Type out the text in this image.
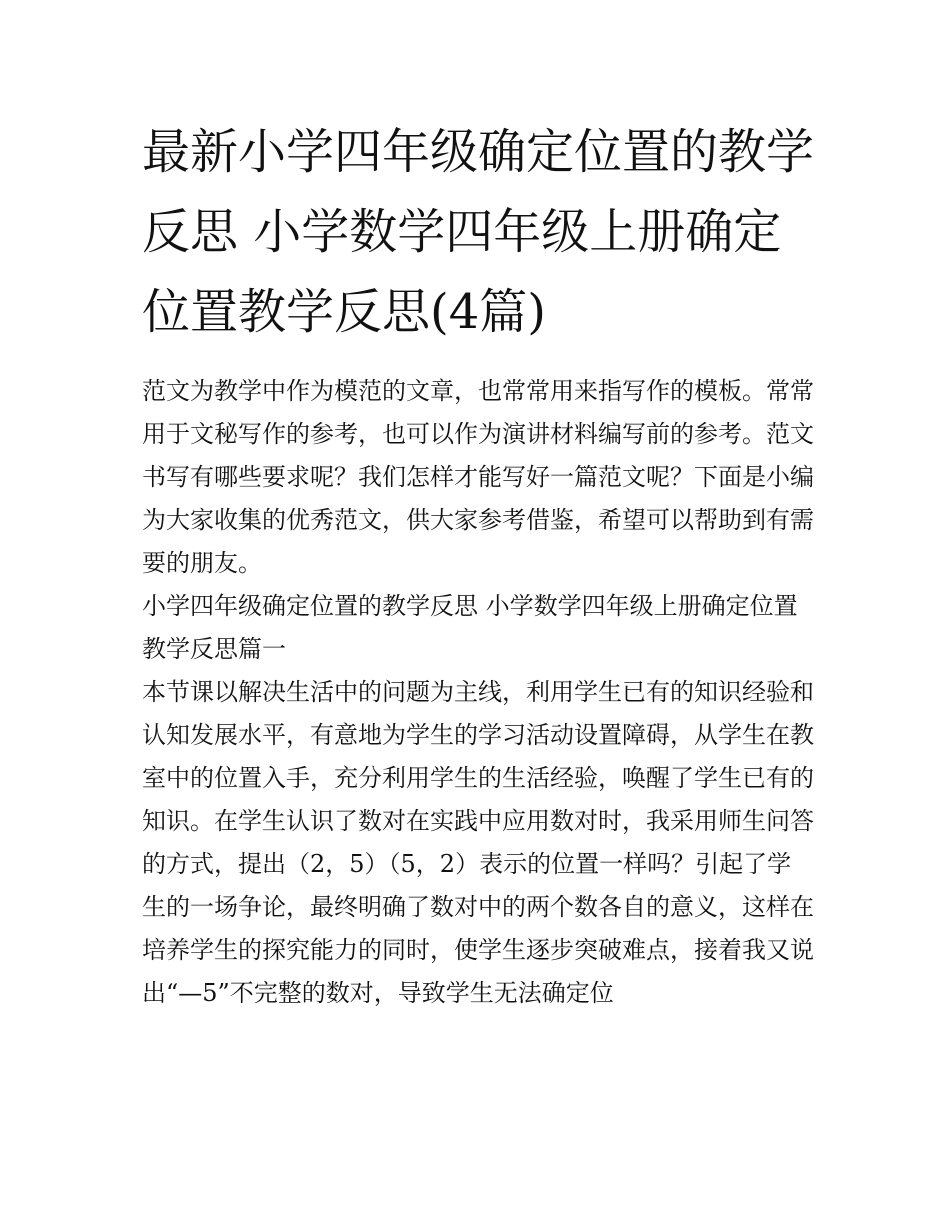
最新小学四年级确定位置的教学反思 小学数学四年级上册确定位置教学反思(4篇)

范文为教学中作为模范的文章，也常常用来指写作的模板。常常用于文秘写作的参考，也可以作为演讲材料编写前的参考。范文书写有哪些要求呢？我们怎样才能写好一篇范文呢？下面是小编为大家收集的优秀范文，供大家参考借鉴，希望可以帮助到有需要的朋友。

小学四年级确定位置的教学反思 小学数学四年级上册确定位置教学反思篇一

本节课以解决生活中的问题为主线，利用学生已有的知识经验和认知发展水平，有意地为学生的学习活动设置障碍，从学生在教室中的位置入手，充分利用学生的生活经验，唤醒了学生已有的知识。在学生认识了数对在实践中应用数对时，我采用师生问答的方式，提出（2，5）（5，2）表示的位置一样吗？引起了学生的一场争论，最终明确了数对中的两个数各自的意义，这样在培养学生的探究能力的同时，使学生逐步突破难点，接着我又说出“—5”不完整的数对，导致学生无法确定位
